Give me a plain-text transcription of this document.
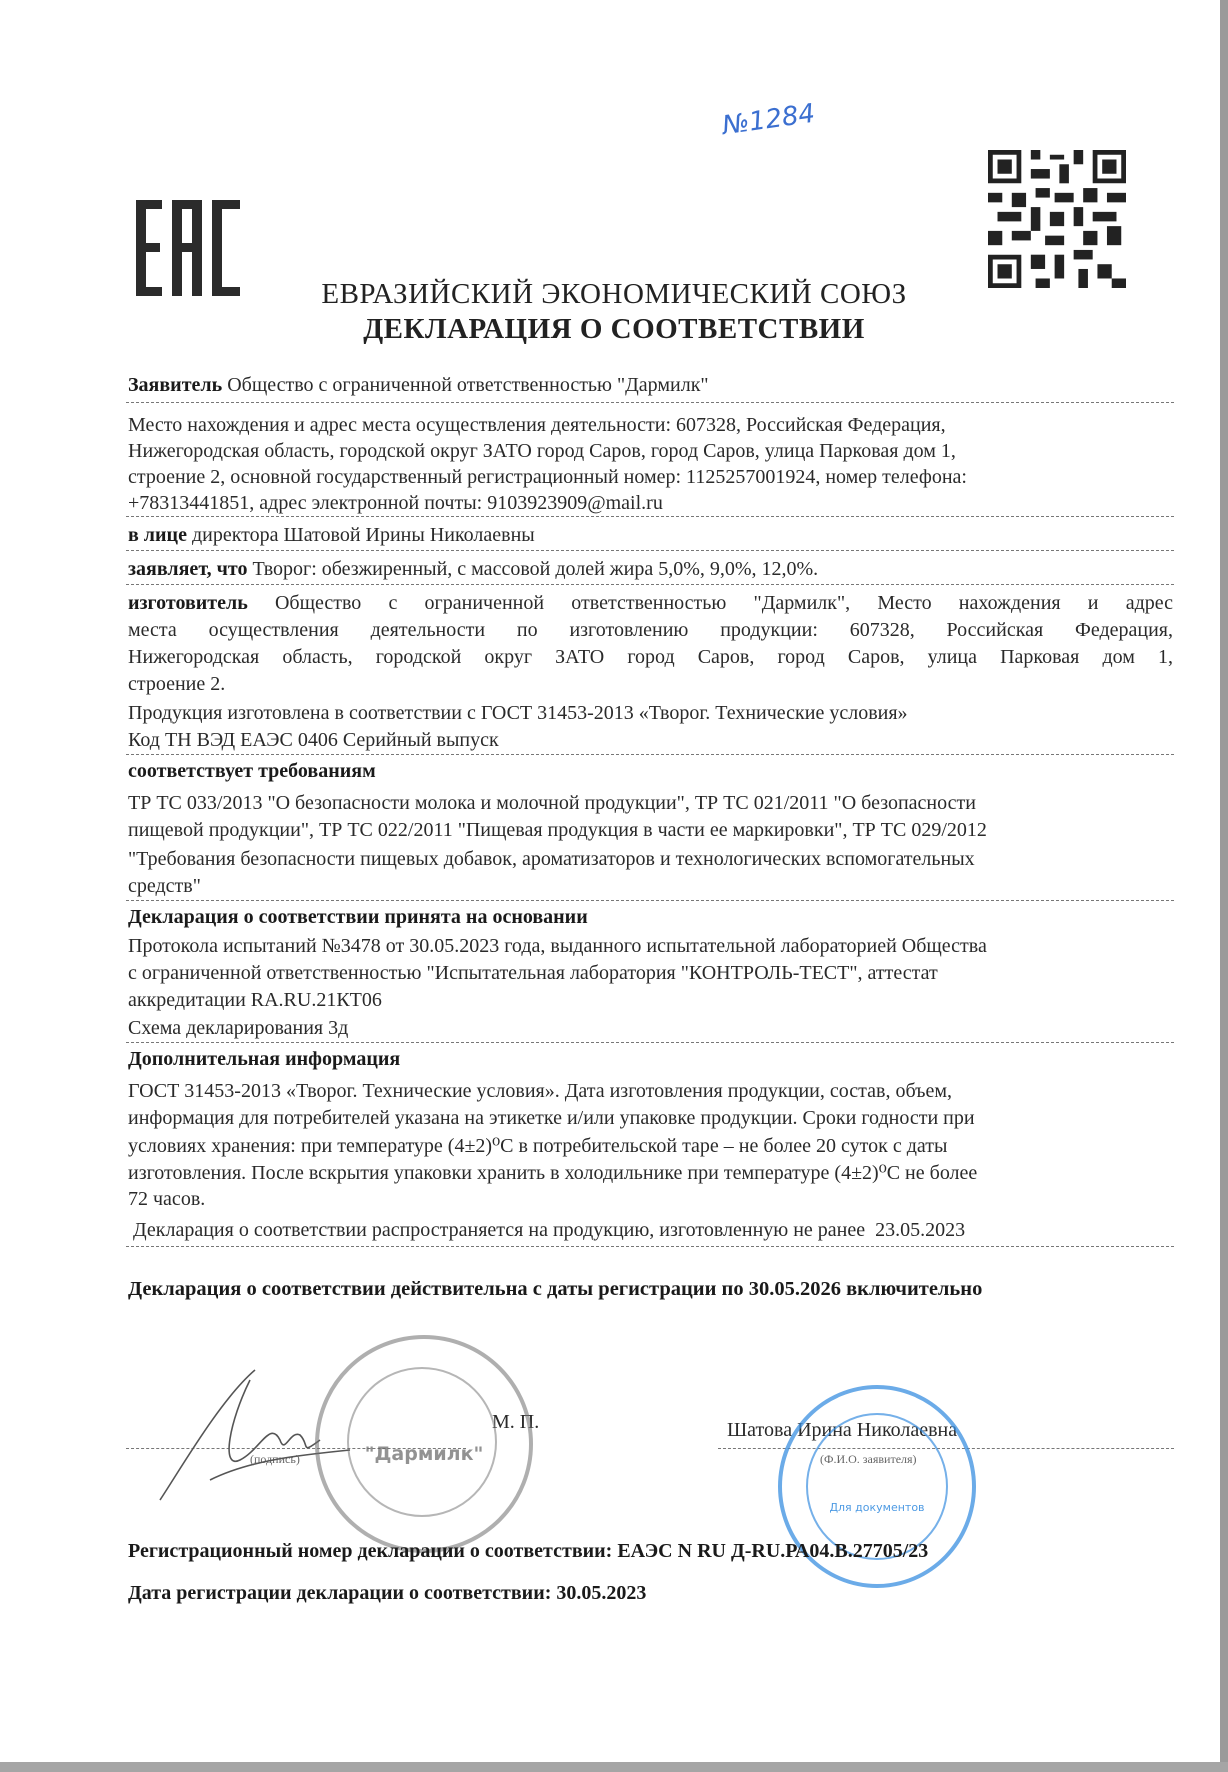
№1284
ЕВРАЗИЙСКИЙ ЭКОНОМИЧЕСКИЙ СОЮЗ
ДЕКЛАРАЦИЯ О СООТВЕТСТВИИ
Заявитель Общество с ограниченной ответственностью "Дармилк"
Место нахождения и адрес места осуществления деятельности: 607328, Российская Федерация,
Нижегородская область, городской округ ЗАТО город Саров, город Саров, улица Парковая дом 1,
строение 2, основной государственный регистрационный номер: 1125257001924, номер телефона:
+78313441851, адрес электронной почты: 9103923909@mail.ru
в лице директора Шатовой Ирины Николаевны
заявляет, что Творог: обезжиренный, с массовой долей жира 5,0%, 9,0%, 12,0%.
изготовитель Общество с ограниченной ответственностью "Дармилк", Место нахождения и адрес
места осуществления деятельности по изготовлению продукции: 607328, Российская Федерация,
Нижегородская область, городской округ ЗАТО город Саров, город Саров, улица Парковая дом 1,
строение 2.
Продукция изготовлена в соответствии с ГОСТ 31453-2013 «Творог. Технические условия»
Код ТН ВЭД ЕАЭС 0406 Серийный выпуск
соответствует требованиям
ТР ТС 033/2013 "О безопасности молока и молочной продукции", ТР ТС 021/2011 "О безопасности
пищевой продукции", ТР ТС 022/2011 "Пищевая продукция в части ее маркировки", ТР ТС 029/2012
"Требования безопасности пищевых добавок, ароматизаторов и технологических вспомогательных
средств"
Декларация о соответствии принята на основании
Протокола испытаний №3478 от 30.05.2023 года, выданного испытательной лабораторией Общества
с ограниченной ответственностью "Испытательная лаборатория "КОНТРОЛЬ-ТЕСТ", аттестат
аккредитации RA.RU.21КТ06
Схема декларирования 3д
Дополнительная информация
ГОСТ 31453-2013 «Творог. Технические условия». Дата изготовления продукции, состав, объем,
информация для потребителей указана на этикетке и/или упаковке продукции. Сроки годности при
условиях хранения: при температуре (4±2)⁰С в потребительской таре – не более 20 суток с даты
изготовления. После вскрытия упаковки хранить в холодильнике при температуре (4±2)⁰С не более
72 часов.
Декларация о соответствии распространяется на продукцию, изготовленную не ранее  23.05.2023
Декларация о соответствии действительна с даты регистрации по 30.05.2026 включительно
(подпись)	(Ф.И.О. заявителя)
М. П.	Шатова Ирина Николаевна
"Дармилк"
Для документов
Регистрационный номер декларации о соответствии: ЕАЭС N RU Д-RU.РА04.В.27705/23
Дата регистрации декларации о соответствии: 30.05.2023
